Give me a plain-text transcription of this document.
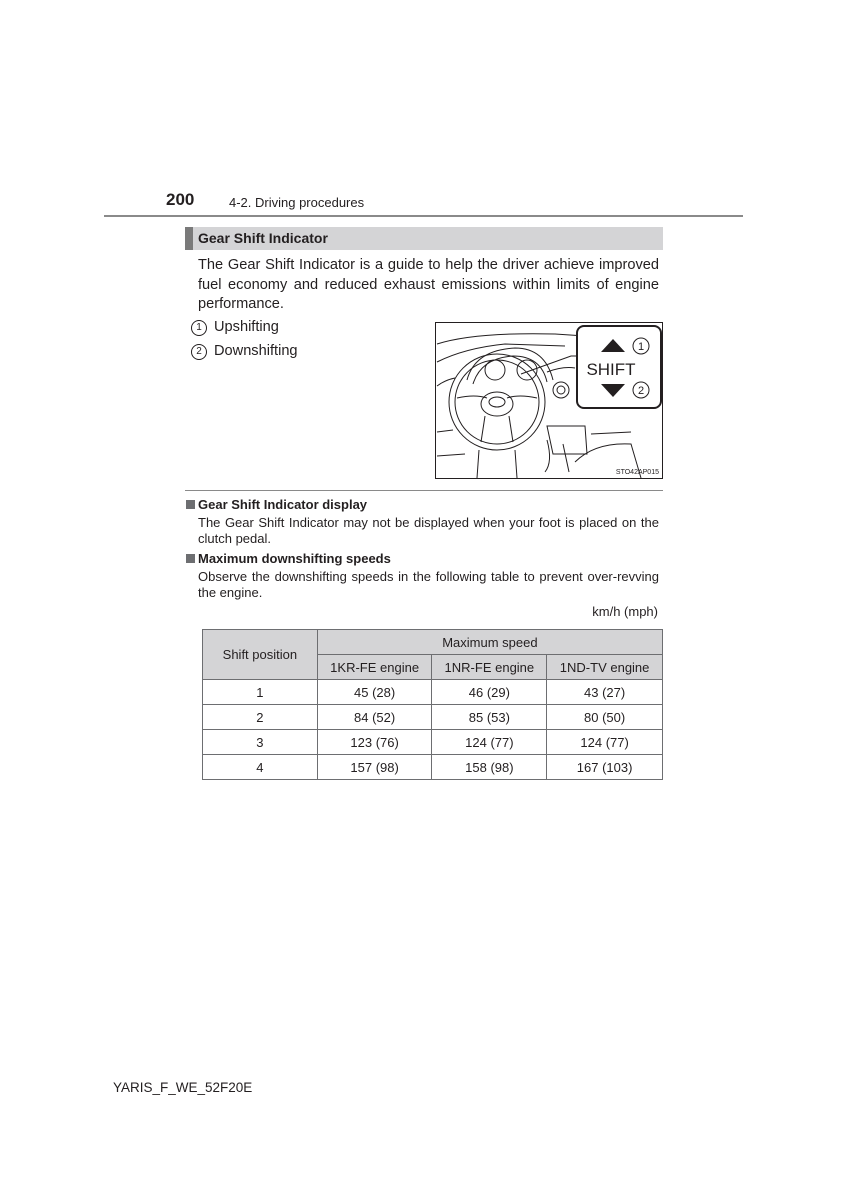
200	4-2. Driving procedures
Gear Shift Indicator
The Gear Shift Indicator is a guide to help the driver achieve improved fuel economy and reduced exhaust emissions within limits of engine performance.
1 Upshifting
2 Downshifting	1
2
SHIFT
STO42AP015
Gear Shift Indicator display
The Gear Shift Indicator may not be displayed when your foot is placed on the clutch pedal.
Maximum downshifting speeds
Observe the downshifting speeds in the following table to prevent over-revving the engine.
km/h (mph)
Shift position	Maximum speed		
	1KR-FE engine	1NR-FE engine	1ND-TV engine
1	45 (28)	46 (29)	43 (27)
2	84 (52)	85 (53)	80 (50)
3	123 (76)	124 (77)	124 (77)
4	157 (98)	158 (98)	167 (103)
YARIS_F_WE_52F20E
